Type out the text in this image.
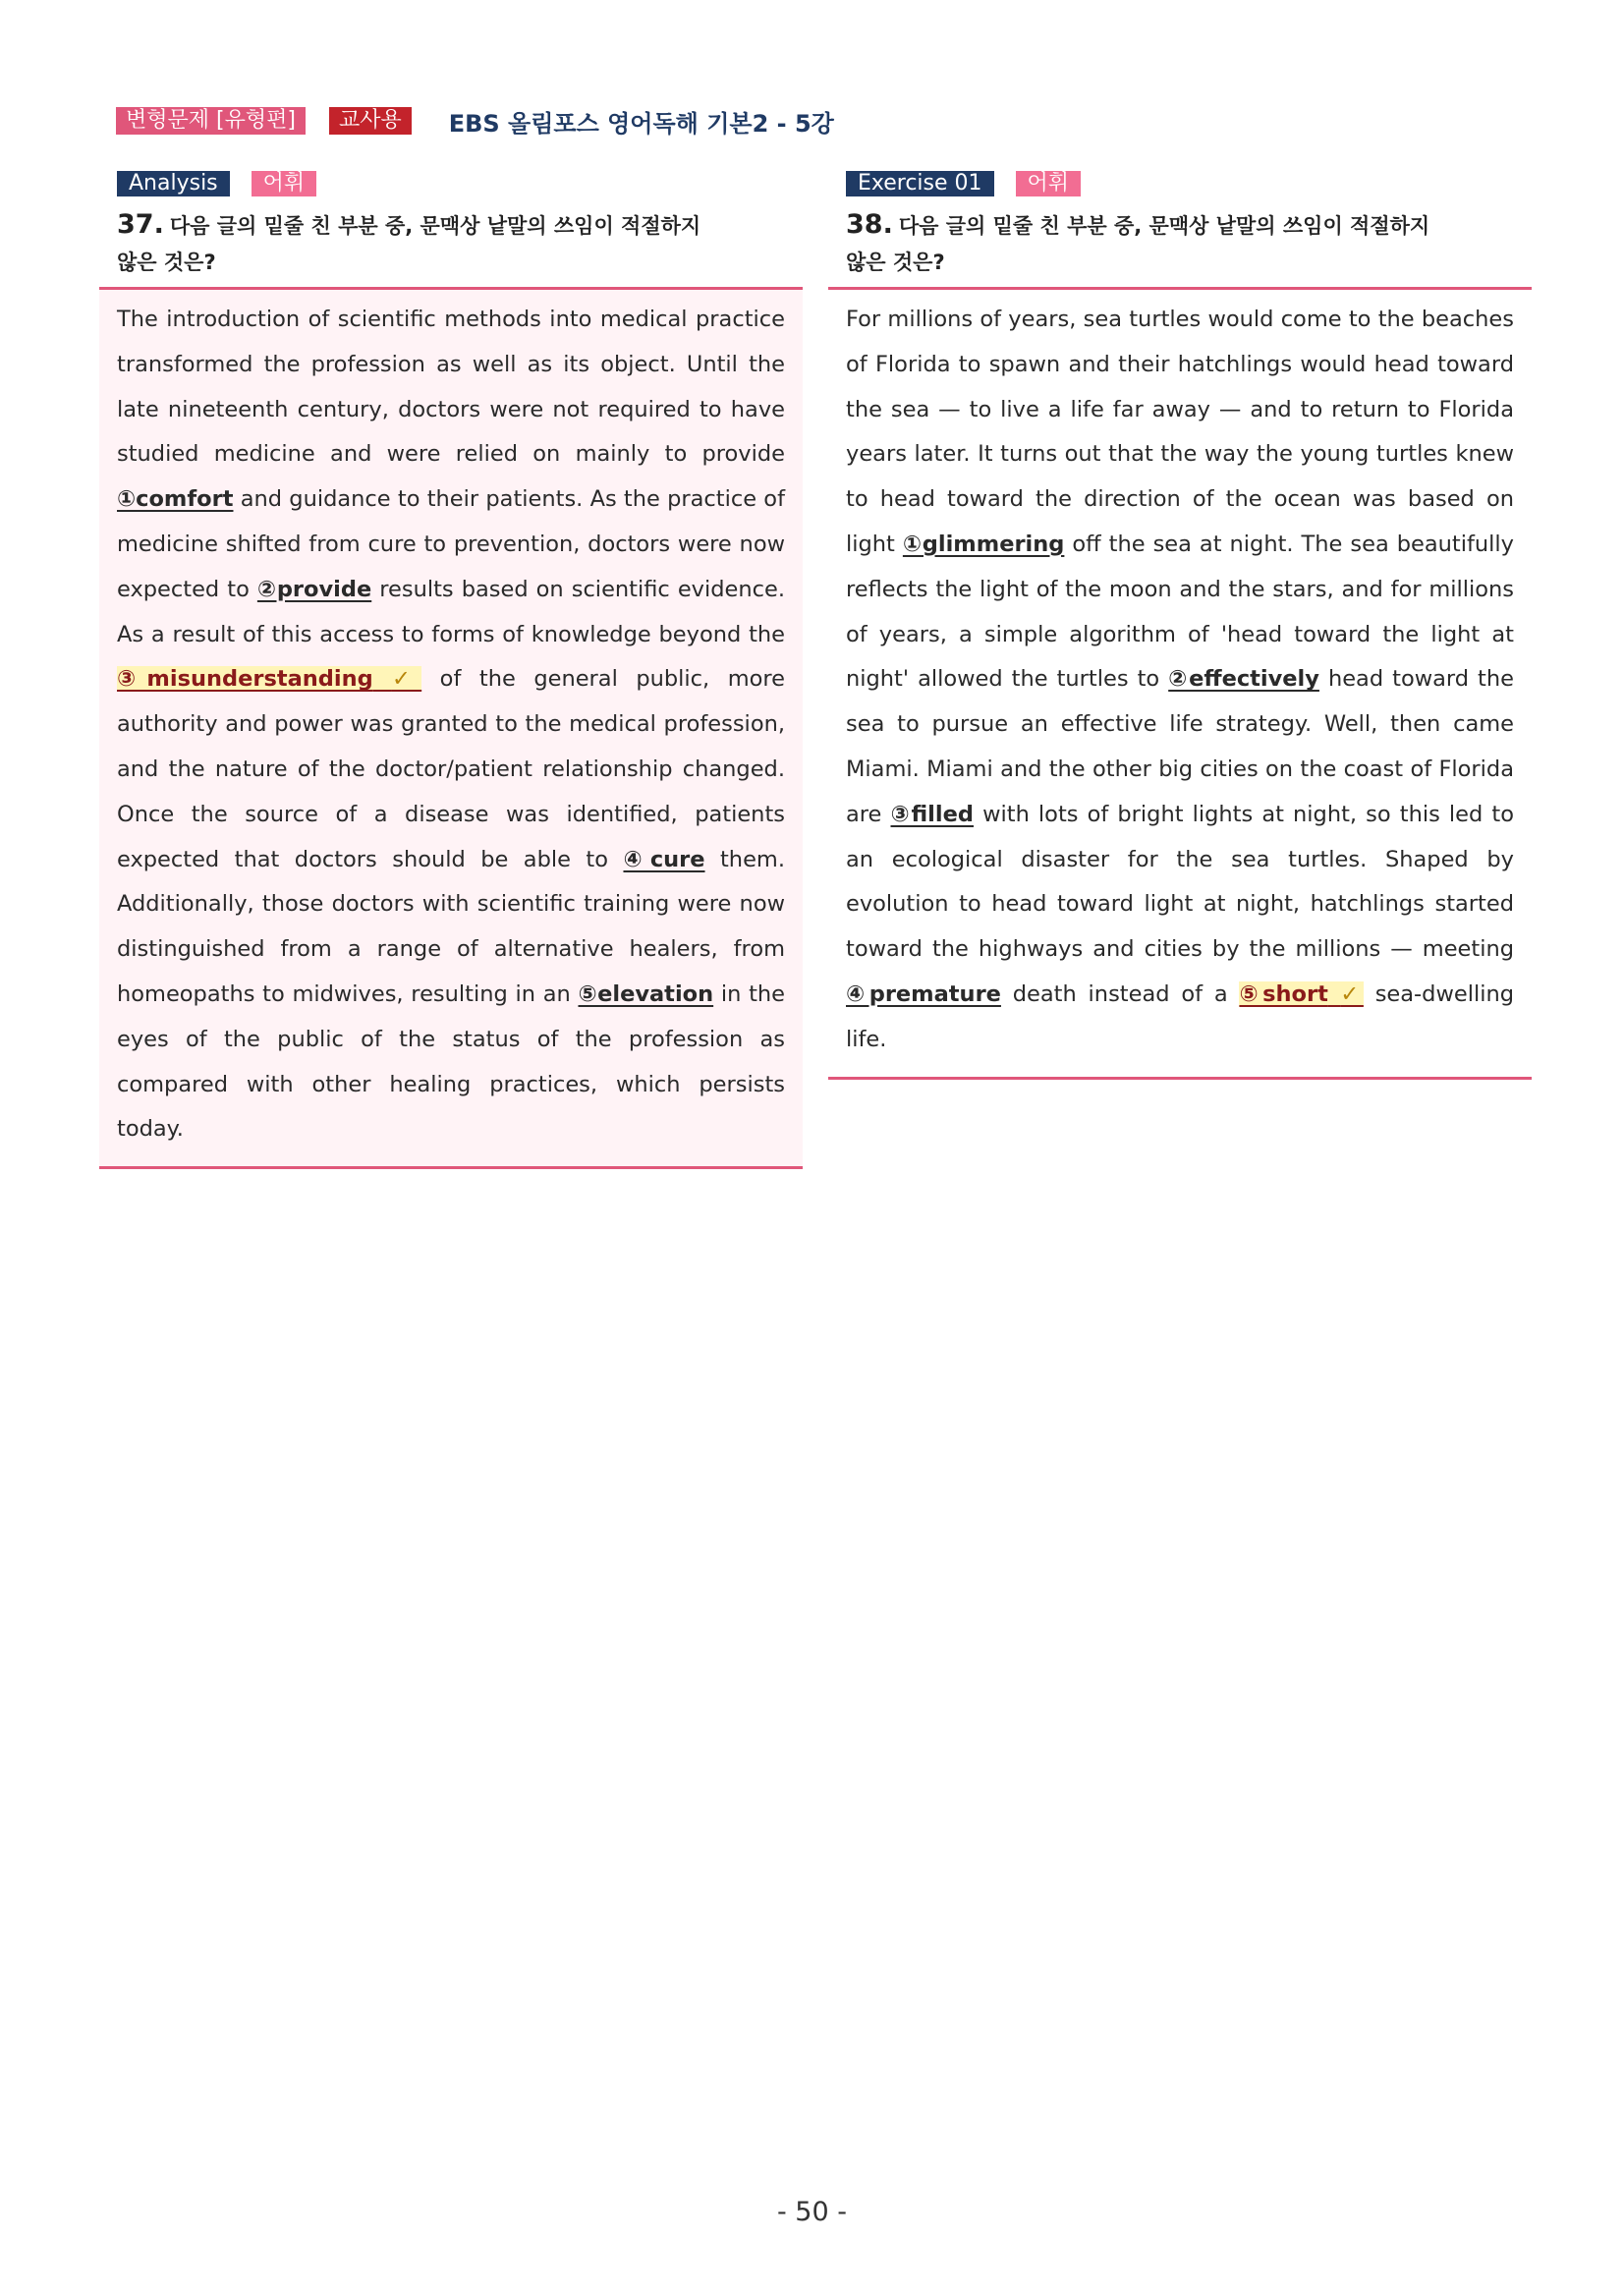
변형문제 [유형편]	교사용	EBS 올림포스 영어독해 기본2 - 5강
Analysis	어휘
37. 다음 글의 밑줄 친 부분 중, 문맥상 낱말의 쓰임이 적절하지
않은 것은?
The introduction of scientific methods into medical practice transformed the profession as well as its object. Until the late nineteenth century, doctors were not required to have studied medicine and were relied on mainly to provide ①comfort and guidance to their patients. As the practice of medicine shifted from cure to prevention, doctors were now expected to ②provide results based on scientific evidence. As a result of this access to forms of knowledge beyond the ③misunderstanding ✓ of the general public, more authority and power was granted to the medical profession, and the nature of the doctor/patient relationship changed. Once the source of a disease was identified, patients expected that doctors should be able to ④cure them. Additionally, those doctors with scientific training were now distinguished from a range of alternative healers, from homeopaths to midwives, resulting in an ⑤elevation in the eyes of the public of the status of the profession as compared with other healing practices, which persists today.
Exercise 01	어휘
38. 다음 글의 밑줄 친 부분 중, 문맥상 낱말의 쓰임이 적절하지
않은 것은?
For millions of years, sea turtles would come to the beaches of Florida to spawn and their hatchlings would head toward the sea — to live a life far away — and to return to Florida years later. It turns out that the way the young turtles knew to head toward the direction of the ocean was based on light ①glimmering off the sea at night. The sea beautifully reflects the light of the moon and the stars, and for millions of years, a simple algorithm of 'head toward the light at night' allowed the turtles to ②effectively head toward the sea to pursue an effective life strategy. Well, then came Miami. Miami and the other big cities on the coast of Florida are ③filled with lots of bright lights at night, so this led to an ecological disaster for the sea turtles. Shaped by evolution to head toward light at night, hatchlings started toward the highways and cities by the millions — meeting ④premature death instead of a ⑤short ✓ sea-dwelling life.
- 50 -
